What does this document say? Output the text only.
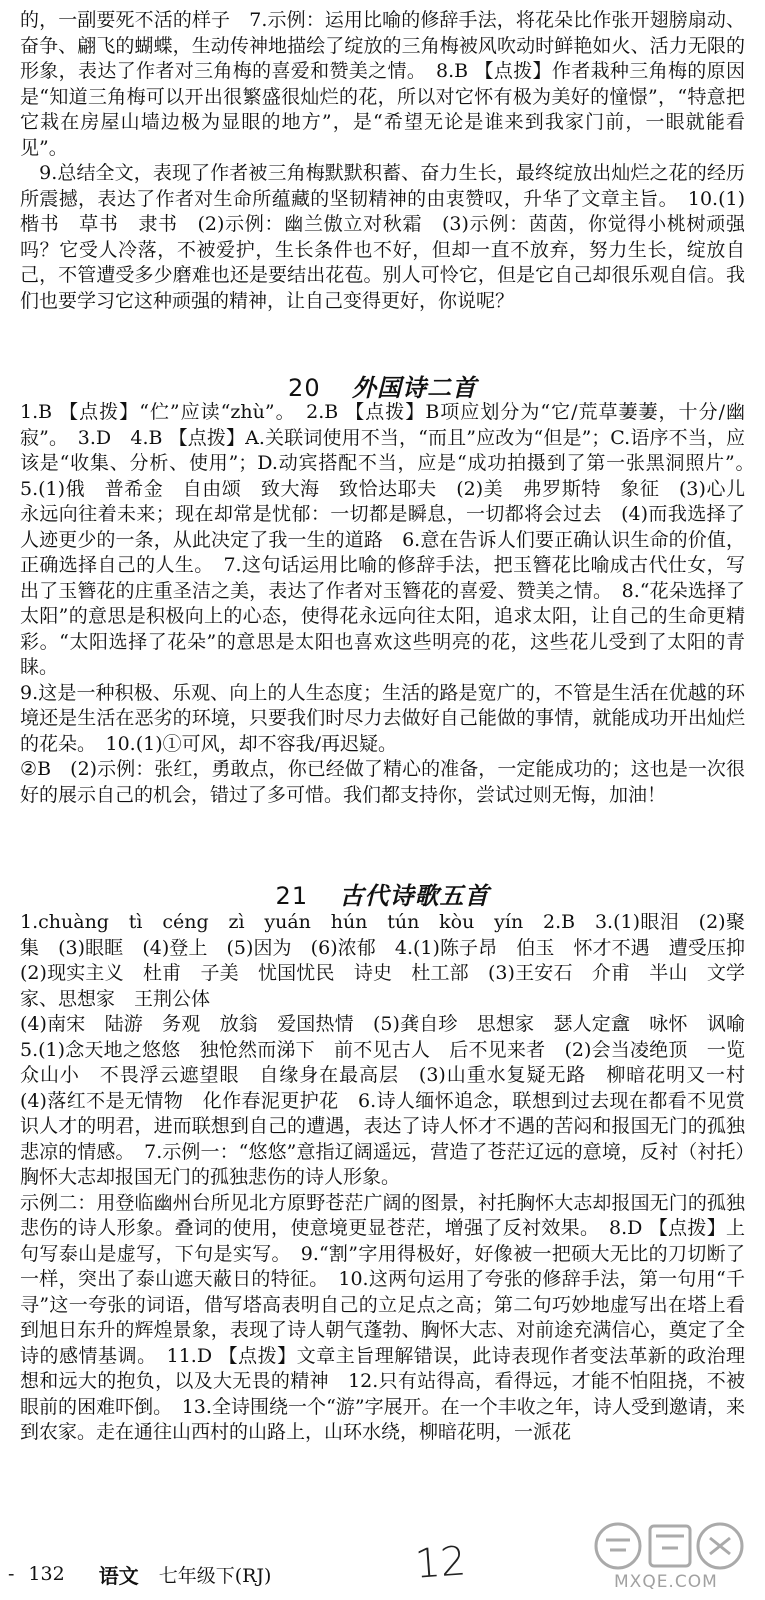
的，一副要死不活的样子　7.示例：运用比喻的修辞手法，将花朵比作张开翅膀扇动、奋争、翩飞的蝴蝶，生动传神地描绘了绽放的三角梅被风吹动时鲜艳如火、活力无限的形象，表达了作者对三角梅的喜爱和赞美之情。　8.B 【点拨】作者栽种三角梅的原因是“知道三角梅可以开出很繁盛很灿烂的花，所以对它怀有极为美好的憧憬”，“特意把它栽在房屋山墙边极为显眼的地方”，是“希望无论是谁来到我家门前，一眼就能看见”。
　9.总结全文，表现了作者被三角梅默默积蓄、奋力生长，最终绽放出灿烂之花的经历所震撼，表达了作者对生命所蕴藏的坚韧精神的由衷赞叹，升华了文章主旨。　10.(1)楷书　草书　隶书　(2)示例：幽兰傲立对秋霜　(3)示例：茵茵，你觉得小桃树顽强吗？它受人冷落，不被爱护，生长条件也不好，但却一直不放弃，努力生长，绽放自己，不管遭受多少磨难也还是要结出花苞。别人可怜它，但是它自己却很乐观自信。我们也要学习它这种顽强的精神，让自己变得更好，你说呢？
20 外国诗二首
1.B 【点拨】“伫”应读“zhù”。　2.B 【点拨】B项应划分为“它/荒草萋萋，十分/幽寂”。　3.D　4.B 【点拨】A.关联词使用不当，“而且”应改为“但是”；C.语序不当，应该是“收集、分析、使用”；D.动宾搭配不当，应是“成功拍摄到了第一张黑洞照片”。　5.(1)俄　普希金　自由颂　致大海　致恰达耶夫　(2)美　弗罗斯特　象征　(3)心儿永远向往着未来；现在却常是忧郁：一切都是瞬息，一切都将会过去　(4)而我选择了人迹更少的一条，从此决定了我一生的道路　6.意在告诉人们要正确认识生命的价值，正确选择自己的人生。　7.这句话运用比喻的修辞手法，把玉簪花比喻成古代仕女，写出了玉簪花的庄重圣洁之美，表达了作者对玉簪花的喜爱、赞美之情。　8.“花朵选择了太阳”的意思是积极向上的心态，使得花永远向往太阳，追求太阳，让自己的生命更精彩。“太阳选择了花朵”的意思是太阳也喜欢这些明亮的花，这些花儿受到了太阳的青睐。
9.这是一种积极、乐观、向上的人生态度；生活的路是宽广的，不管是生活在优越的环境还是生活在恶劣的环境，只要我们时尽力去做好自己能做的事情，就能成功开出灿烂的花朵。　10.(1)①可风，却不容我/再迟疑。
②B　(2)示例：张红，勇敢点，你已经做了精心的准备，一定能成功的；这也是一次很好的展示自己的机会，错过了多可惜。我们都支持你，尝试过则无悔，加油！
21 古代诗歌五首
1.chuàng　tì　céng　zì　yuán　hún　tún　kòu　yín　2.B　3.(1)眼泪　(2)聚集　(3)眼眶　(4)登上　(5)因为　(6)浓郁　4.(1)陈子昂　伯玉　怀才不遇　遭受压抑　(2)现实主义　杜甫　子美　忧国忧民　诗史　杜工部　(3)王安石　介甫　半山　文学家、思想家　王荆公体
(4)南宋　陆游　务观　放翁　爱国热情　(5)龚自珍　思想家　瑟人定盦　咏怀　讽喻　5.(1)念天地之悠悠　独怆然而涕下　前不见古人　后不见来者　(2)会当凌绝顶　一览众山小　不畏浮云遮望眼　自缘身在最高层　(3)山重水复疑无路　柳暗花明又一村　(4)落红不是无情物　化作春泥更护花　6.诗人缅怀追念，联想到过去现在都看不见赏识人才的明君，进而联想到自己的遭遇，表达了诗人怀才不遇的苦闷和报国无门的孤独悲凉的情感。　7.示例一：“悠悠”意指辽阔遥远，营造了苍茫辽远的意境，反衬（衬托）胸怀大志却报国无门的孤独悲伤的诗人形象。
示例二：用登临幽州台所见北方原野苍茫广阔的图景，衬托胸怀大志却报国无门的孤独悲伤的诗人形象。叠词的使用，使意境更显苍茫，增强了反衬效果。　8.D 【点拨】上句写泰山是虚写，下句是实写。　9.“割”字用得极好，好像被一把硕大无比的刀切断了一样，突出了泰山遮天蔽日的特征。　10.这两句运用了夸张的修辞手法，第一句用“千寻”这一夸张的词语，借写塔高表明自己的立足点之高；第二句巧妙地虚写出在塔上看到旭日东升的辉煌景象，表现了诗人朝气蓬勃、胸怀大志、对前途充满信心，奠定了全诗的感情基调。　11.D 【点拨】文章主旨理解错误，此诗表现作者变法革新的政治理想和远大的抱负，以及大无畏的精神　12.只有站得高，看得远，才能不怕阻挠，不被眼前的困难吓倒。　13.全诗围绕一个“游”字展开。在一个丰收之年，诗人受到邀请，来到农家。走在通往山西村的山路上，山环水绕，柳暗花明，一派花
- 132 语文 七年级下(RJ)	12	MXQE.COM
